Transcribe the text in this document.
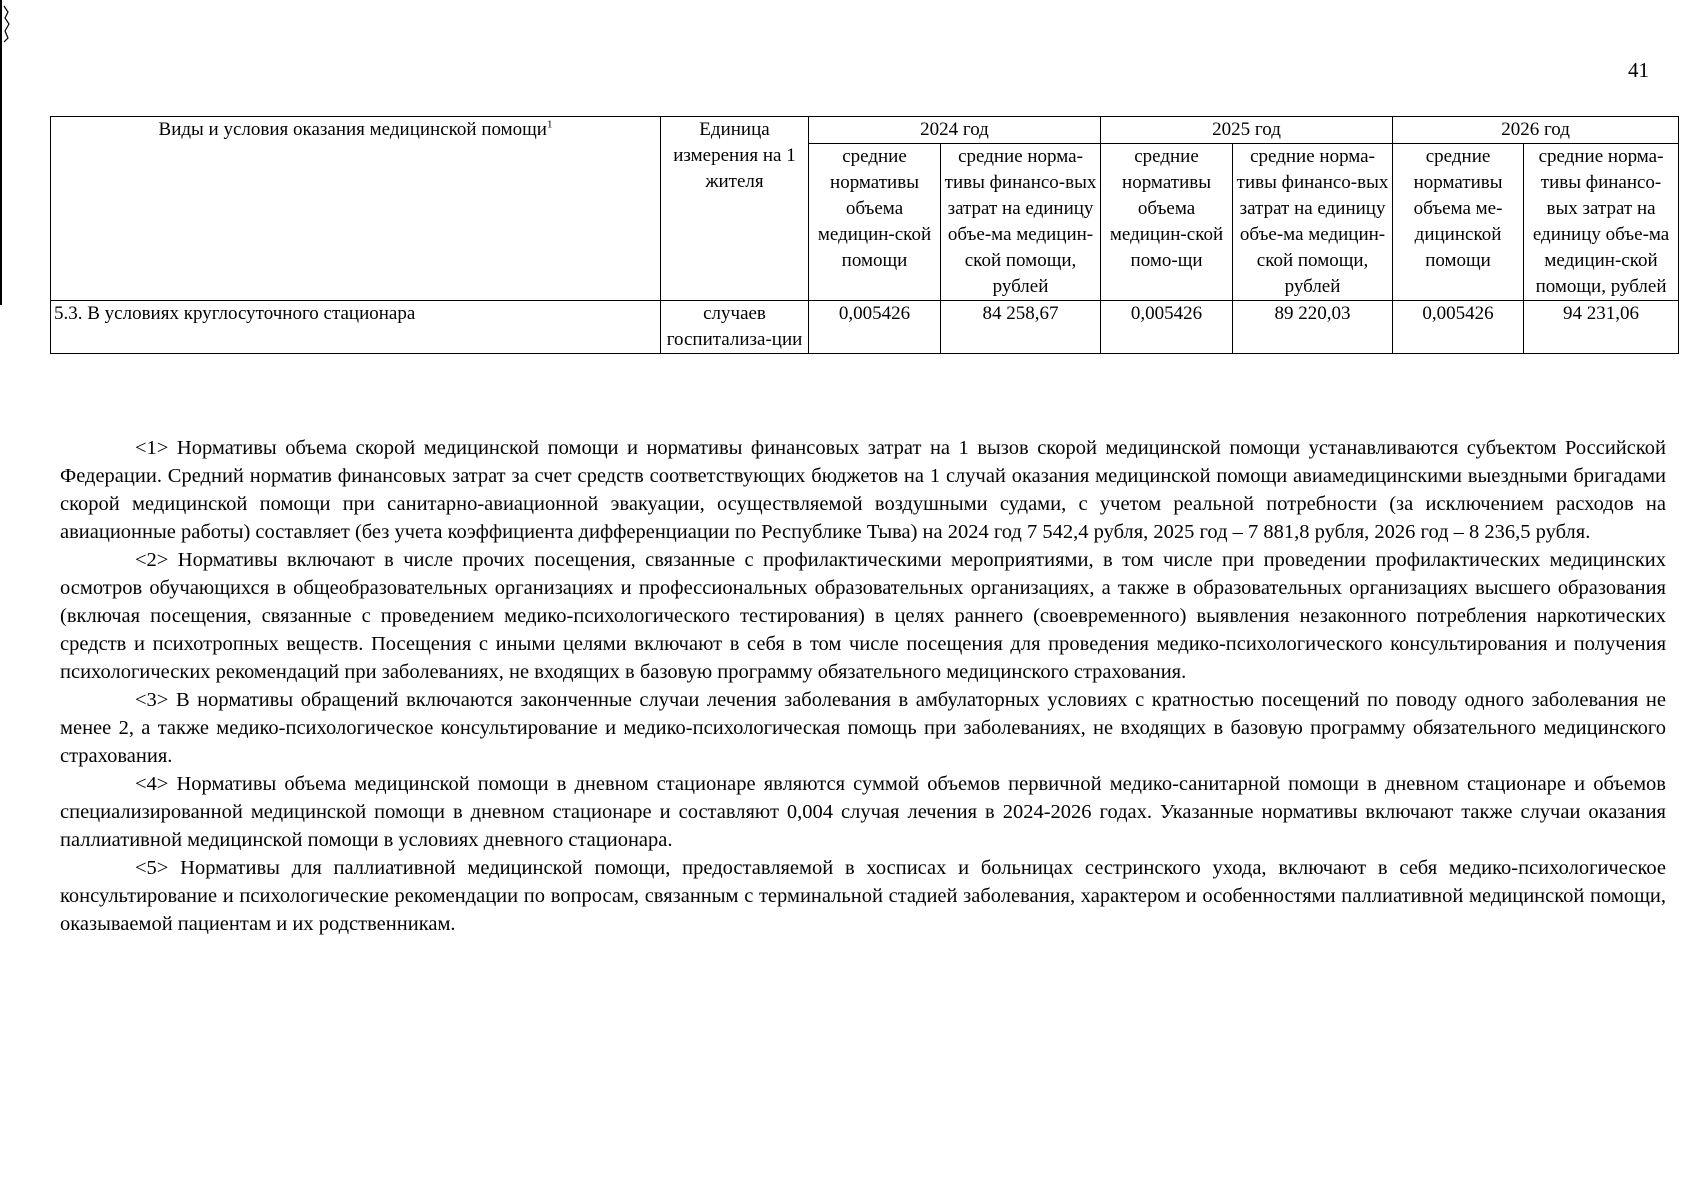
41
Виды и условия оказания медицинской помощи$^1$	Единица измерения на 1 жителя	2024 год		2025 год		2026 год	
		средние нормативы объема медицин-ской помощи	средние норма-тивы финансо-вых затрат на единицу объе-ма медицин-ской помощи, рублей	средние нормативы объема медицин-ской помо-щи	средние норма-тивы финансо-вых затрат на единицу объе-ма медицин-ской помощи, рублей	средние нормативы объема ме-дицинской помощи	средние норма-тивы финансо-вых затрат на единицу объе-ма медицин-ской помощи, рублей
5.3. В условиях круглосуточного стационара	случаев госпитализа-ции	0,005426	84 258,67	0,005426	89 220,03	0,005426	94 231,06

<1> Нормативы объема скорой медицинской помощи и нормативы финансовых затрат на 1 вызов скорой медицинской помощи устанавливаются субъектом Российской Федерации. Средний норматив финансовых затрат за счет средств соответствующих бюджетов на 1 случай оказания медицинской помощи авиамедицинскими выездными бригадами скорой медицинской помощи при санитарно-авиационной эвакуации, осуществляемой воздушными судами, с учетом реальной потребности (за исключением расходов на авиационные работы) составляет (без учета коэффициента дифференциации по Республике Тыва) на 2024 год 7 542,4 рубля, 2025 год – 7 881,8 рубля, 2026 год – 8 236,5 рубля.

<2> Нормативы включают в числе прочих посещения, связанные с профилактическими мероприятиями, в том числе при проведении профилактических медицинских осмотров обучающихся в общеобразовательных организациях и профессиональных образовательных организациях, а также в образовательных организациях высшего образования (включая посещения, связанные с проведением медико-психологического тестирования) в целях раннего (своевременного) выявления незаконного потребления наркотических средств и психотропных веществ. Посещения с иными целями включают в себя в том числе посещения для проведения медико-психологического консультирования и получения психологических рекомендаций при заболеваниях, не входящих в базовую программу обязательного медицинского страхования.

<3> В нормативы обращений включаются законченные случаи лечения заболевания в амбулаторных условиях с кратностью посещений по поводу одного заболевания не менее 2, а также медико-психологическое консультирование и медико-психологическая помощь при заболеваниях, не входящих в базовую программу обязательного медицинского страхования.

<4> Нормативы объема медицинской помощи в дневном стационаре являются суммой объемов первичной медико-санитарной помощи в дневном стационаре и объемов специализированной медицинской помощи в дневном стационаре и составляют 0,004 случая лечения в 2024-2026 годах. Указанные нормативы включают также случаи оказания паллиативной медицинской помощи в условиях дневного стационара.

<5> Нормативы для паллиативной медицинской помощи, предоставляемой в хосписах и больницах сестринского ухода, включают в себя медико-психологическое консультирование и психологические рекомендации по вопросам, связанным с терминальной стадией заболевания, характером и особенностями паллиативной медицинской помощи, оказываемой пациентам и их родственникам.
